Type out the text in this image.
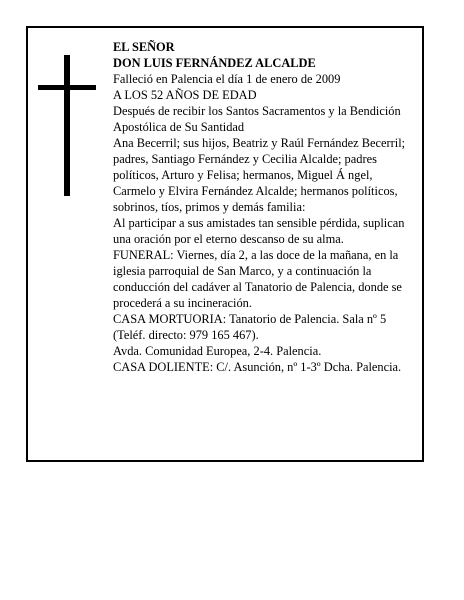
EL SEÑOR
DON LUIS FERNÁNDEZ ALCALDE
Falleció en Palencia el día 1 de enero de 2009
A LOS 52 AÑOS DE EDAD
Después de recibir los Santos Sacramentos y la Bendición Apostólica de Su Santidad
Ana Becerril; sus hijos, Beatriz y Raúl Fernández Becerril; padres, Santiago Fernández y Cecilia Alcalde; padres políticos, Arturo y Felisa; hermanos, Miguel Á ngel, Carmelo y Elvira Fernández Alcalde; hermanos políticos, sobrinos, tíos, primos y demás familia:
Al participar a sus amistades tan sensible pérdida, suplican una oración por el eterno descanso de su alma.
FUNERAL: Viernes, día 2, a las doce de la mañana, en la iglesia parroquial de San Marco, y a continuación la conducción del cadáver al Tanatorio de Palencia, donde se procederá a su incineración.
CASA MORTUORIA: Tanatorio de Palencia. Sala nº 5 (Teléf. directo: 979 165 467).
Avda. Comunidad Europea, 2-4. Palencia.
CASA DOLIENTE: C/. Asunción, nº 1-3º Dcha. Palencia.
